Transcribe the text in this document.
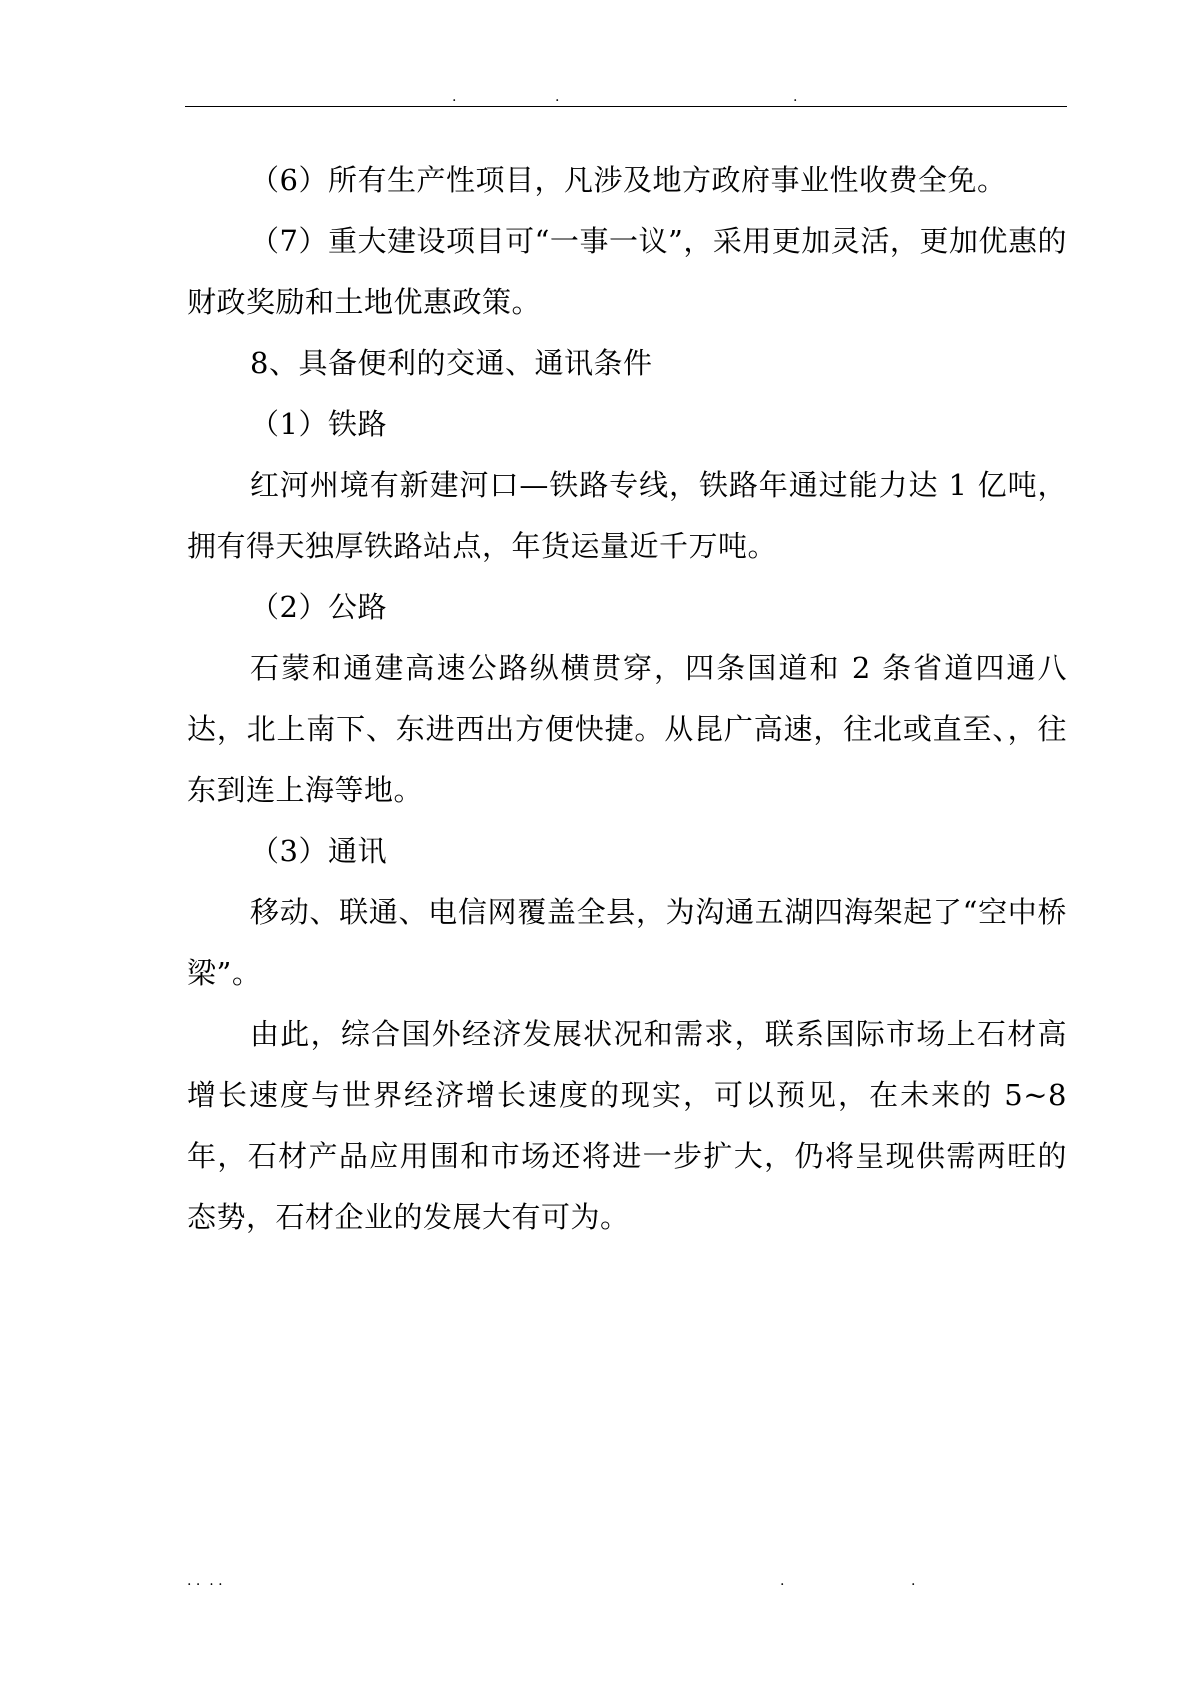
.	.	.

（6）所有生产性项目，凡涉及地方政府事业性收费全免。

（7）重大建设项目可“一事一议”，采用更加灵活，更加优惠的财政奖励和土地优惠政策。

8、具备便利的交通、通讯条件

（1）铁路

红河州境有新建河口—铁路专线，铁路年通过能力达 1 亿吨，拥有得天独厚铁路站点，年货运量近千万吨。

（2）公路

石蒙和通建高速公路纵横贯穿，四条国道和 2 条省道四通八达，北上南下、东进西出方便快捷。从昆广高速，往北或直至、，往东到连上海等地。

（3）通讯

移动、联通、电信网覆盖全县，为沟通五湖四海架起了“空中桥梁”。

由此，综合国外经济发展状况和需求，联系国际市场上石材高增长速度与世界经济增长速度的现实，可以预见，在未来的 5~8 年，石材产品应用围和市场还将进一步扩大，仍将呈现供需两旺的态势，石材企业的发展大有可为。

. .  . .	.	.
